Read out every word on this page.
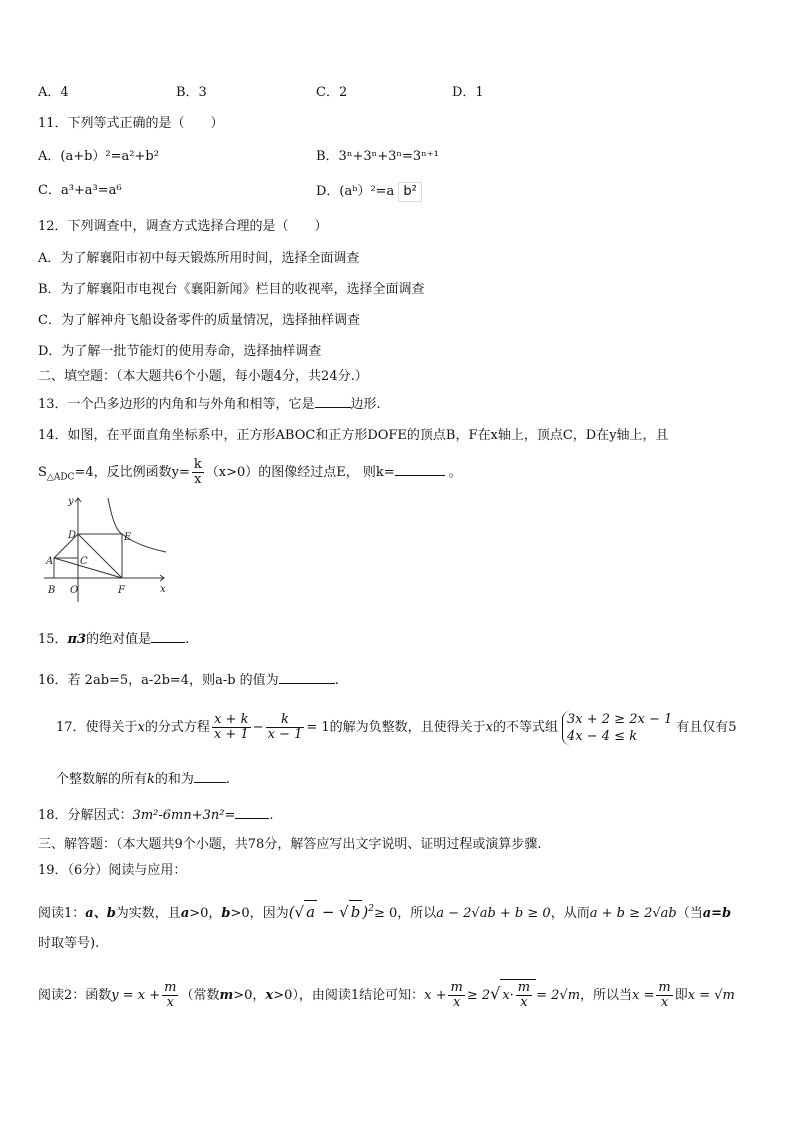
A．4	B．3	C．2	D．1
11．下列等式正确的是（　　）
A．(a+b）²=a²+b²	B．3ⁿ+3ⁿ+3ⁿ=3ⁿ⁺¹
C．a³+a³=a⁶	D．(aᵇ）²=a b²
12．下列调查中，调查方式选择合理的是（　　）
A．为了解襄阳市初中每天锻炼所用时间，选择全面调查
B．为了解襄阳市电视台《襄阳新闻》栏目的收视率，选择全面调查
C．为了解神舟飞船设备零件的质量情况，选择抽样调查
D．为了解一批节能灯的使用寿命，选择抽样调查
二、填空题：（本大题共6个小题，每小题4分，共24分.）
13．一个凸多边形的内角和与外角和相等，它是	边形.
14．如图，在平面直角坐标系中，正方形ABOC和正方形DOFE的顶点B，F在x轴上，顶点C，D在y轴上，且
$S_{\triangle ADC}=4$，反比例函数$y= \frac{k}{x} (x>0)$的图像经过点E， 则k=	。
y
x
D	E
A	C
B O	F
15．π3的绝对值是	.
16．若 2ab=5，a-2b=4，则a-b 的值为	.
17．使得关于x的分式方程 $\frac{x + k}{x + 1} - \frac{k}{x - 1} = 1$的解为负整数，且使得关于x的不等式组
3x + 2 ≥ 2x − 1
4x − 4 ≤ k
有且仅有5
个整数解的所有k的和为 .
18．分解因式：3m²-6mn+3n²=	.
三、解答题：（本大题共9个小题，共78分，解答应写出文字说明、证明过程或演算步骤.
19．（6分）阅读与应用：
阅读1：a、b为实数，且a>0，b>0，因为(√ a − √ b )$^2$≥ 0，所以a − 2√ab + b ≥ 0，从而a + b ≥ 2√ab（当a=b
时取等号).
阅读2：函数$y = x + \frac{m}{x}$ （常数m>0，x>0），由阅读1结论可知：$x + \frac{m}{x} \ge 2√$ $x\cdot \frac{m}{x} = 2√m$，所以当$x = \frac{m}{x}$ 即x = √m
